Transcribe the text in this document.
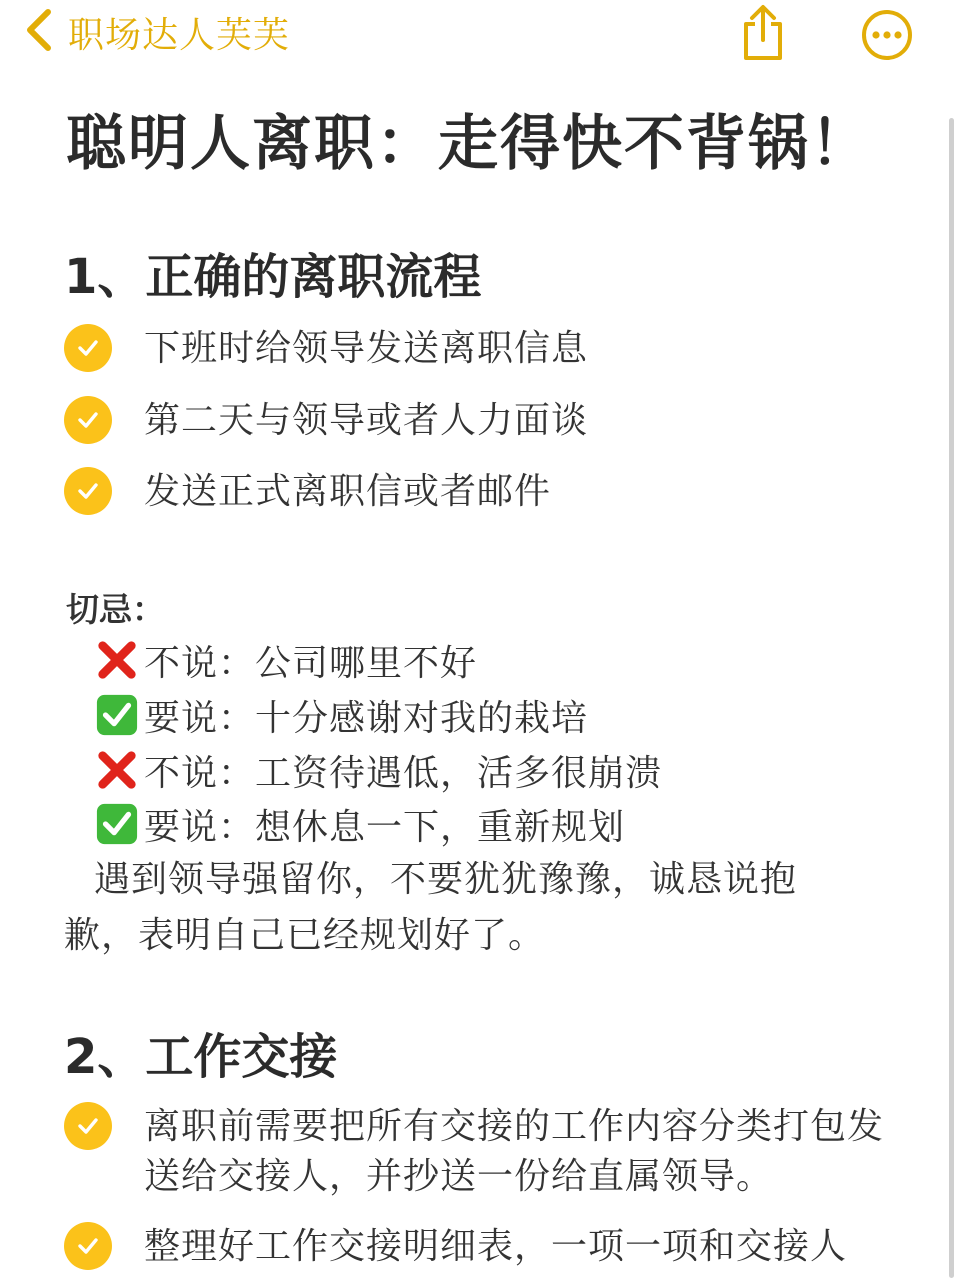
职场达人芙芙
聪明人离职：走得快不背锅！
1、正确的离职流程
下班时给领导发送离职信息
第二天与领导或者人力面谈
发送正式离职信或者邮件
切忌：
不说：公司哪里不好
要说：十分感谢对我的栽培
不说：工资待遇低，活多很崩溃
要说：想休息一下，重新规划

遇到领导强留你，不要犹犹豫豫，诚恳说抱歉，表明自己已经规划好了。

2、工作交接
离职前需要把所有交接的工作内容分类打包发送给交接人，并抄送一份给直属领导。
整理好工作交接明细表，一项一项和交接人
